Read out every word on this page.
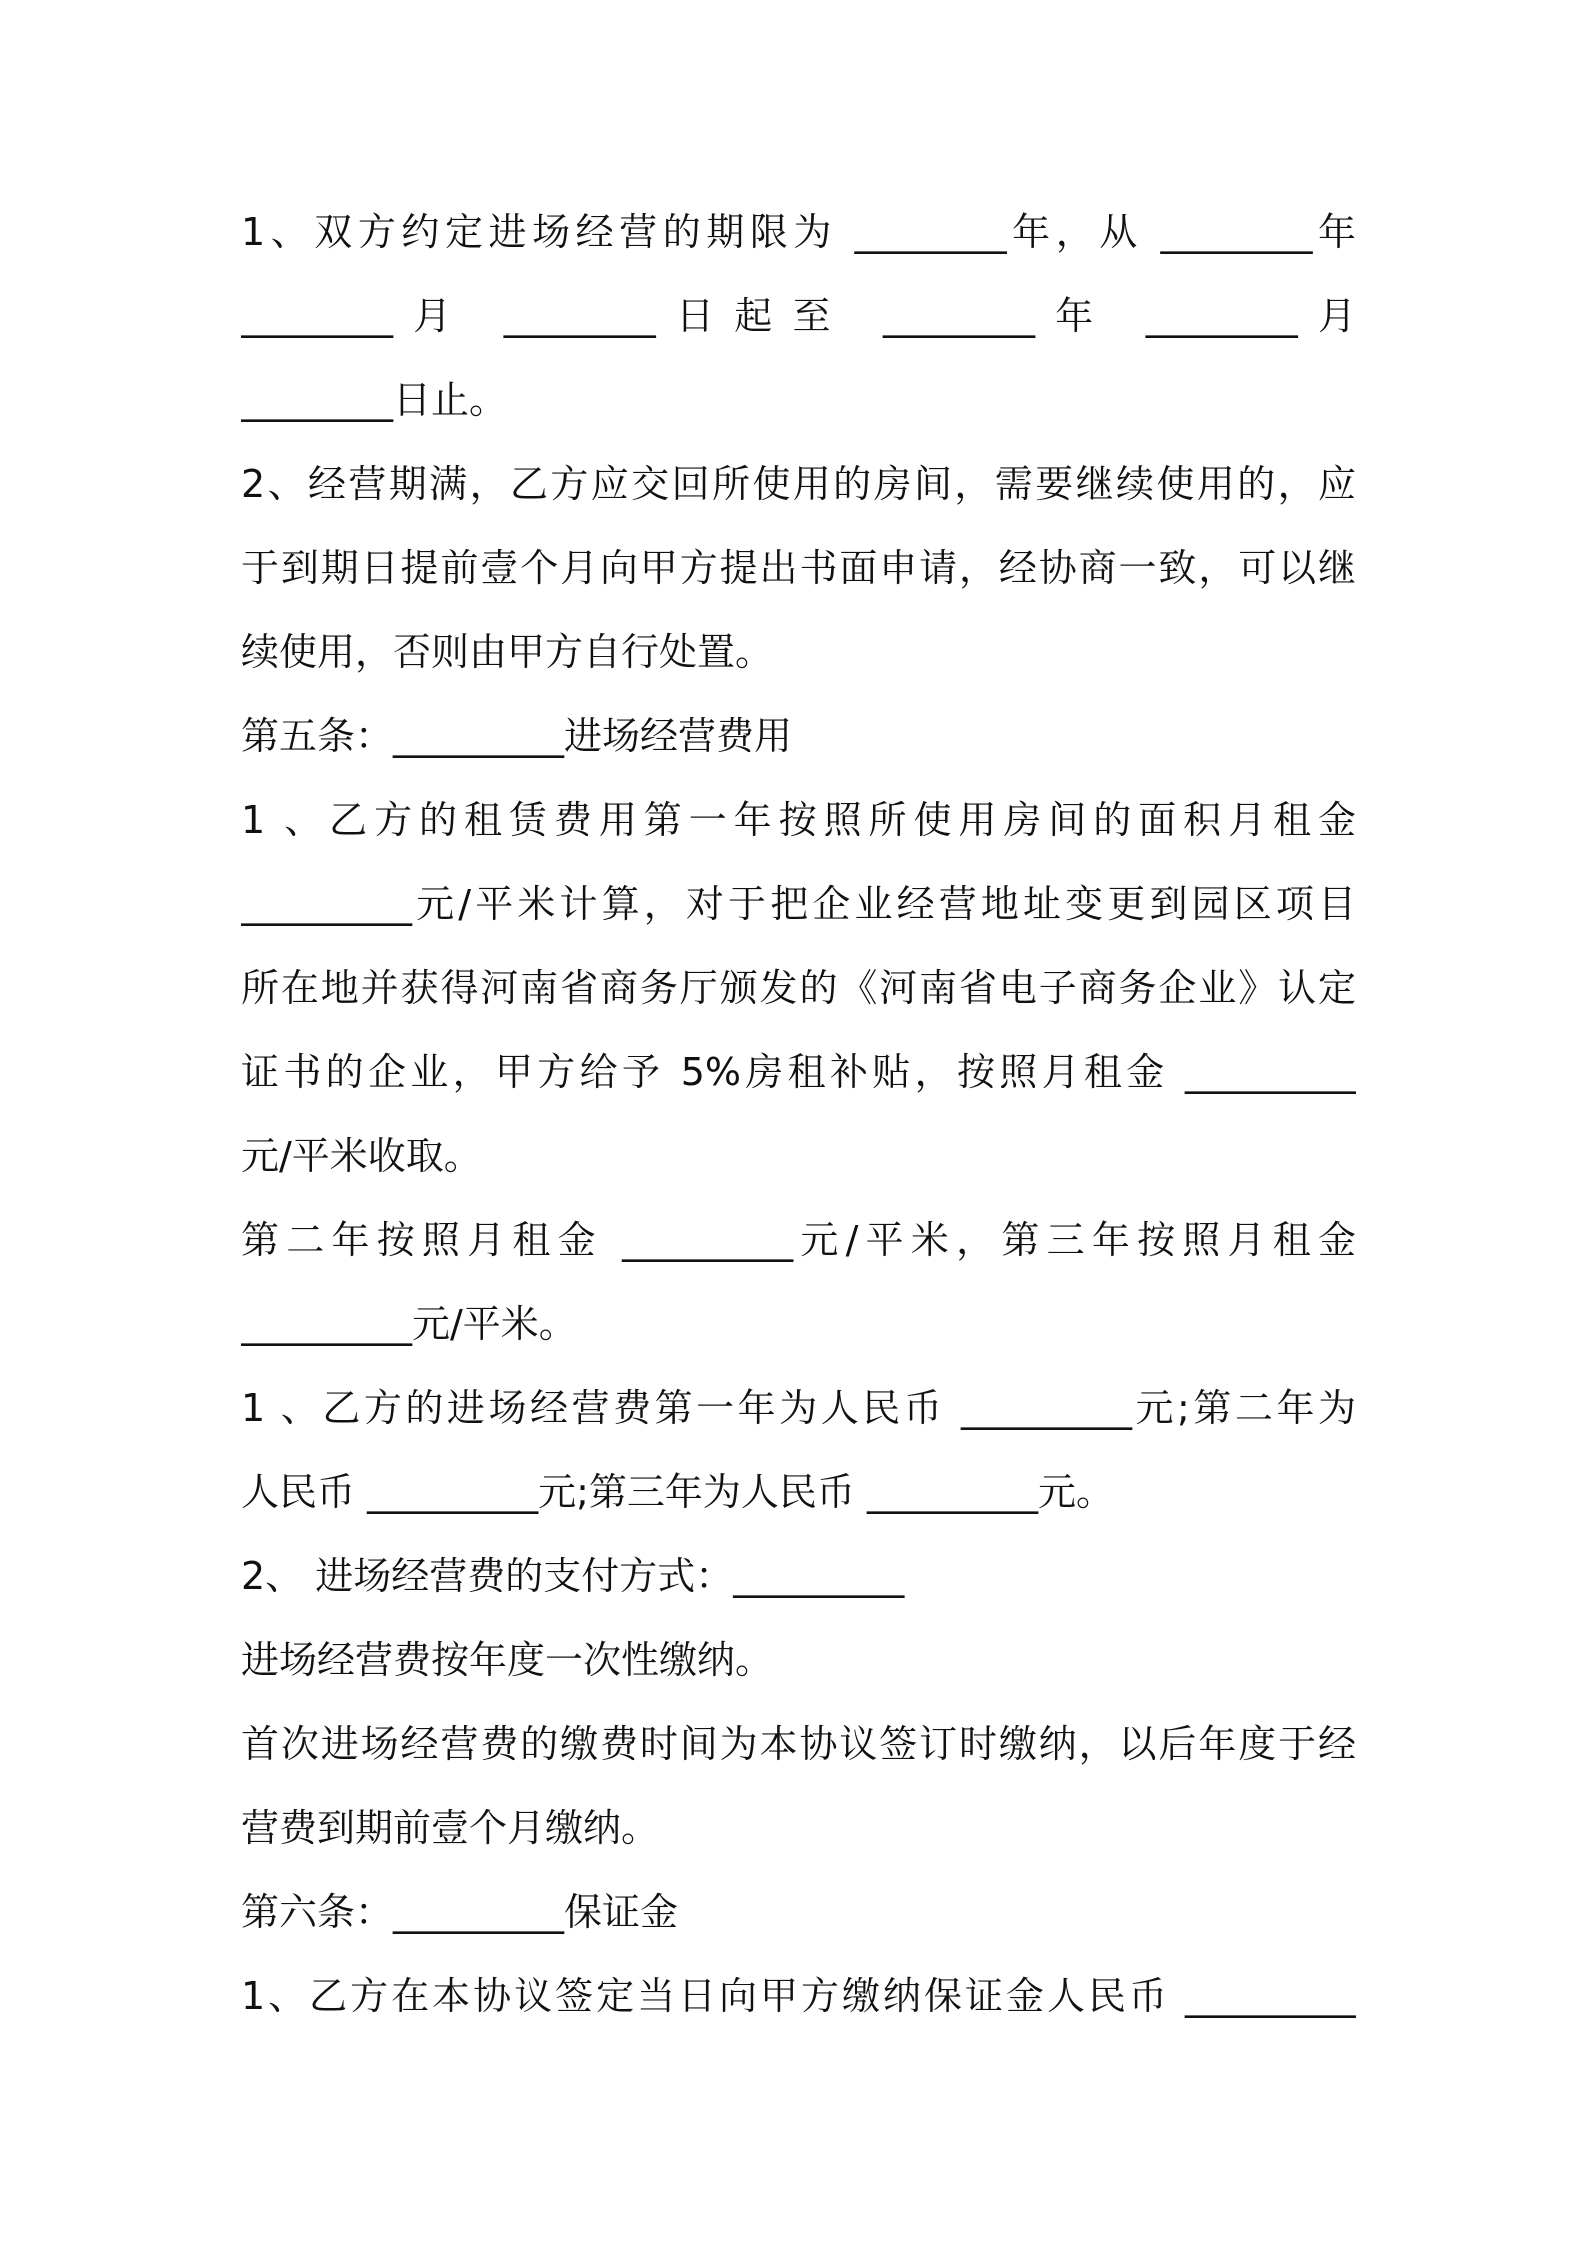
1、双方约定进场经营的期限为 ________年，从 ________年
________月 ________日起至 ________年 ________月
________日止。
2、经营期满，乙方应交回所使用的房间，需要继续使用的，应
于到期日提前壹个月向甲方提出书面申请，经协商一致，可以继
续使用，否则由甲方自行处置。
第五条：_________进场经营费用
1 、乙方的租赁费用第一年按照所使用房间的面积月租金
_________元/平米计算，对于把企业经营地址变更到园区项目
所在地并获得河南省商务厅颁发的《河南省电子商务企业》认定
证书的企业，甲方给予 5%房租补贴，按照月租金 _________
元/平米收取。
第二年按照月租金 _________元/平米，第三年按照月租金
_________元/平米。
1 、乙方的进场经营费第一年为人民币 _________元;第二年为
人民币 _________元;第三年为人民币 _________元。
2、 进场经营费的支付方式：_________
进场经营费按年度一次性缴纳。
首次进场经营费的缴费时间为本协议签订时缴纳，以后年度于经
营费到期前壹个月缴纳。
第六条：_________保证金
1、乙方在本协议签定当日向甲方缴纳保证金人民币 _________
